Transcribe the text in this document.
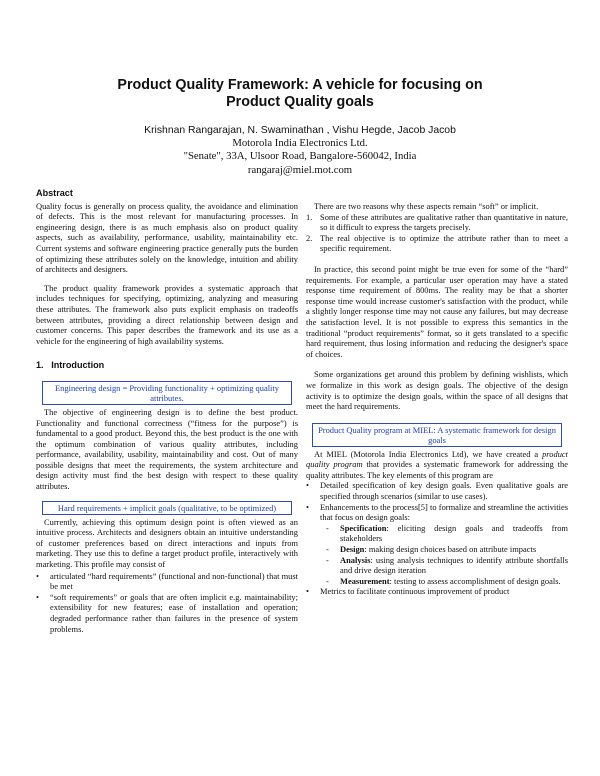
Product Quality Framework: A vehicle for focusing on
Product Quality goals
Krishnan Rangarajan, N. Swaminathan , Vishu Hegde, Jacob Jacob
Motorola India Electronics Ltd.
"Senate", 33A, Ulsoor Road, Bangalore-560042, India
rangaraj@miel.mot.com
Abstract

Quality focus is generally on process quality, the avoidance and elimination of defects. This is the most relevant for manufacturing processes. In engineering design, there is as much emphasis also on product quality aspects, such as availability, performance, usability, maintainability etc. Current systems and software engineering practice generally puts the burden of optimizing these attributes solely on the knowledge, intuition and ability of architects and designers.

The product quality framework provides a systematic approach that includes techniques for specifying, optimizing, analyzing and measuring these attributes. The framework also puts explicit emphasis on tradeoffs between attributes, providing a direct relationship between design and customer concerns. This paper describes the framework and its use as a vehicle for the engineering of high availability systems.

1. Introduction
Engineering design = Providing functionality + optimizing quality attributes.

The objective of engineering design is to define the best product. Functionality and functional correctness (“fitness for the purpose”) is fundamental to a good product. Beyond this, the best product is the one with the optimum combination of various quality attributes, including performance, availability, usability, maintainability and cost. Out of many possible designs that meet the requirements, the system architecture and design activity must find the best design with respect to these quality attributes.

Hard requirements + implicit goals (qualitative, to be optimized)

Currently, achieving this optimum design point is often viewed as an intuitive process. Architects and designers obtain an intuitive understanding of customer preferences based on direct interactions and inputs from marketing. They use this to define a target product profile, interactively with marketing. This profile may consist of

•	articulated “hard requirements” (functional and non-functional) that must be met
•	“soft requirements” or goals that are often implicit e.g. maintainability; extensibility for new features; ease of installation and operation; degraded performance rather than failures in the presence of system problems.

There are two reasons why these aspects remain “soft” or implicit.

1. Some of these attributes are qualitative rather than quantitative in nature, so it difficult to express the targets precisely.
2. The real objective is to optimize the attribute rather than to meet a specific requirement.

In practice, this second point might be true even for some of the “hard” requirements. For example, a particular user operation may have a stated response time requirement of 800ms. The reality may be that a shorter response time would increase customer's satisfaction with the product, while a slightly longer response time may not cause any failures, but may decrease the satisfaction level. It is not possible to express this semantics in the traditional “product requirements” format, so it gets translated to a specific hard requirement, thus losing information and reducing the designer's space of choices.

Some organizations get around this problem by defining wishlists, which we formalize in this work as design goals. The objective of the design activity is to optimize the design goals, within the space of all designs that meet the hard requirements.

Product Quality program at MIEL: A systematic framework for design goals

At MIEL (Motorola India Electronics Ltd), we have created a product quality program that provides a systematic framework for addressing the quality attributes. The key elements of this program are

•	Detailed specification of key design goals. Even qualitative goals are specified through scenarios (similar to use cases).
•	Enhancements to the process[5] to formalize and streamline the activities that focus on design goals:
-	Specification: eliciting design goals and tradeoffs from stakeholders
-	Design: making design choices based on attribute impacts
-	Analysis: using analysis techniques to identify attribute shortfalls and drive design iteration
-	Measurement: testing to assess accomplishment of design goals.
•	Metrics to facilitate continuous improvement of product
